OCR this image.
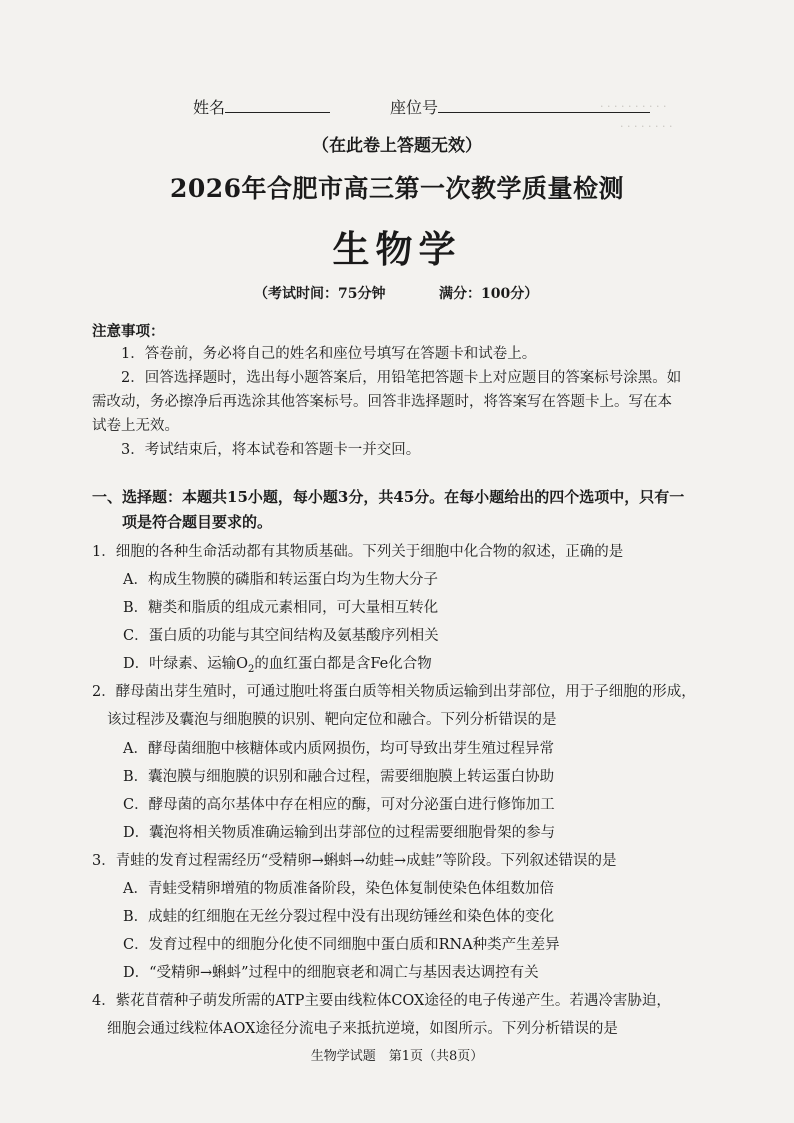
· · · · · · · · · ·
· · · · · · · ·
姓名	座位号
（在此卷上答题无效）
2026年合肥市高三第一次教学质量检测
生物学
（考试时间：75分钟	满分：100分）
注意事项：
1．答卷前，务必将自己的姓名和座位号填写在答题卡和试卷上。
2．回答选择题时，选出每小题答案后，用铅笔把答题卡上对应题目的答案标号涂黑。如
需改动，务必擦净后再选涂其他答案标号。回答非选择题时，将答案写在答题卡上。写在本
试卷上无效。
3．考试结束后，将本试卷和答题卡一并交回。
一、选择题：本题共15小题，每小题3分，共45分。在每小题给出的四个选项中，只有一
项是符合题目要求的。
1．细胞的各种生命活动都有其物质基础。下列关于细胞中化合物的叙述，正确的是
A．构成生物膜的磷脂和转运蛋白均为生物大分子
B．糖类和脂质的组成元素相同，可大量相互转化
C．蛋白质的功能与其空间结构及氨基酸序列相关
D．叶绿素、运输$O_2$的血红蛋白都是含Fe化合物
2．酵母菌出芽生殖时，可通过胞吐将蛋白质等相关物质运输到出芽部位，用于子细胞的形成，
该过程涉及囊泡与细胞膜的识别、靶向定位和融合。下列分析错误的是
A．酵母菌细胞中核糖体或内质网损伤，均可导致出芽生殖过程异常
B．囊泡膜与细胞膜的识别和融合过程，需要细胞膜上转运蛋白协助
C．酵母菌的高尔基体中存在相应的酶，可对分泌蛋白进行修饰加工
D．囊泡将相关物质准确运输到出芽部位的过程需要细胞骨架的参与
3．青蛙的发育过程需经历“受精卵→蝌蚪→幼蛙→成蛙”等阶段。下列叙述错误的是
A．青蛙受精卵增殖的物质准备阶段，染色体复制使染色体组数加倍
B．成蛙的红细胞在无丝分裂过程中没有出现纺锤丝和染色体的变化
C．发育过程中的细胞分化使不同细胞中蛋白质和RNA种类产生差异
D．“受精卵→蝌蚪”过程中的细胞衰老和凋亡与基因表达调控有关
4．紫花苜蓿种子萌发所需的ATP主要由线粒体COX途径的电子传递产生。若遇冷害胁迫，
细胞会通过线粒体AOX途径分流电子来抵抗逆境，如图所示。下列分析错误的是
生物学试题　第1页（共8页）
